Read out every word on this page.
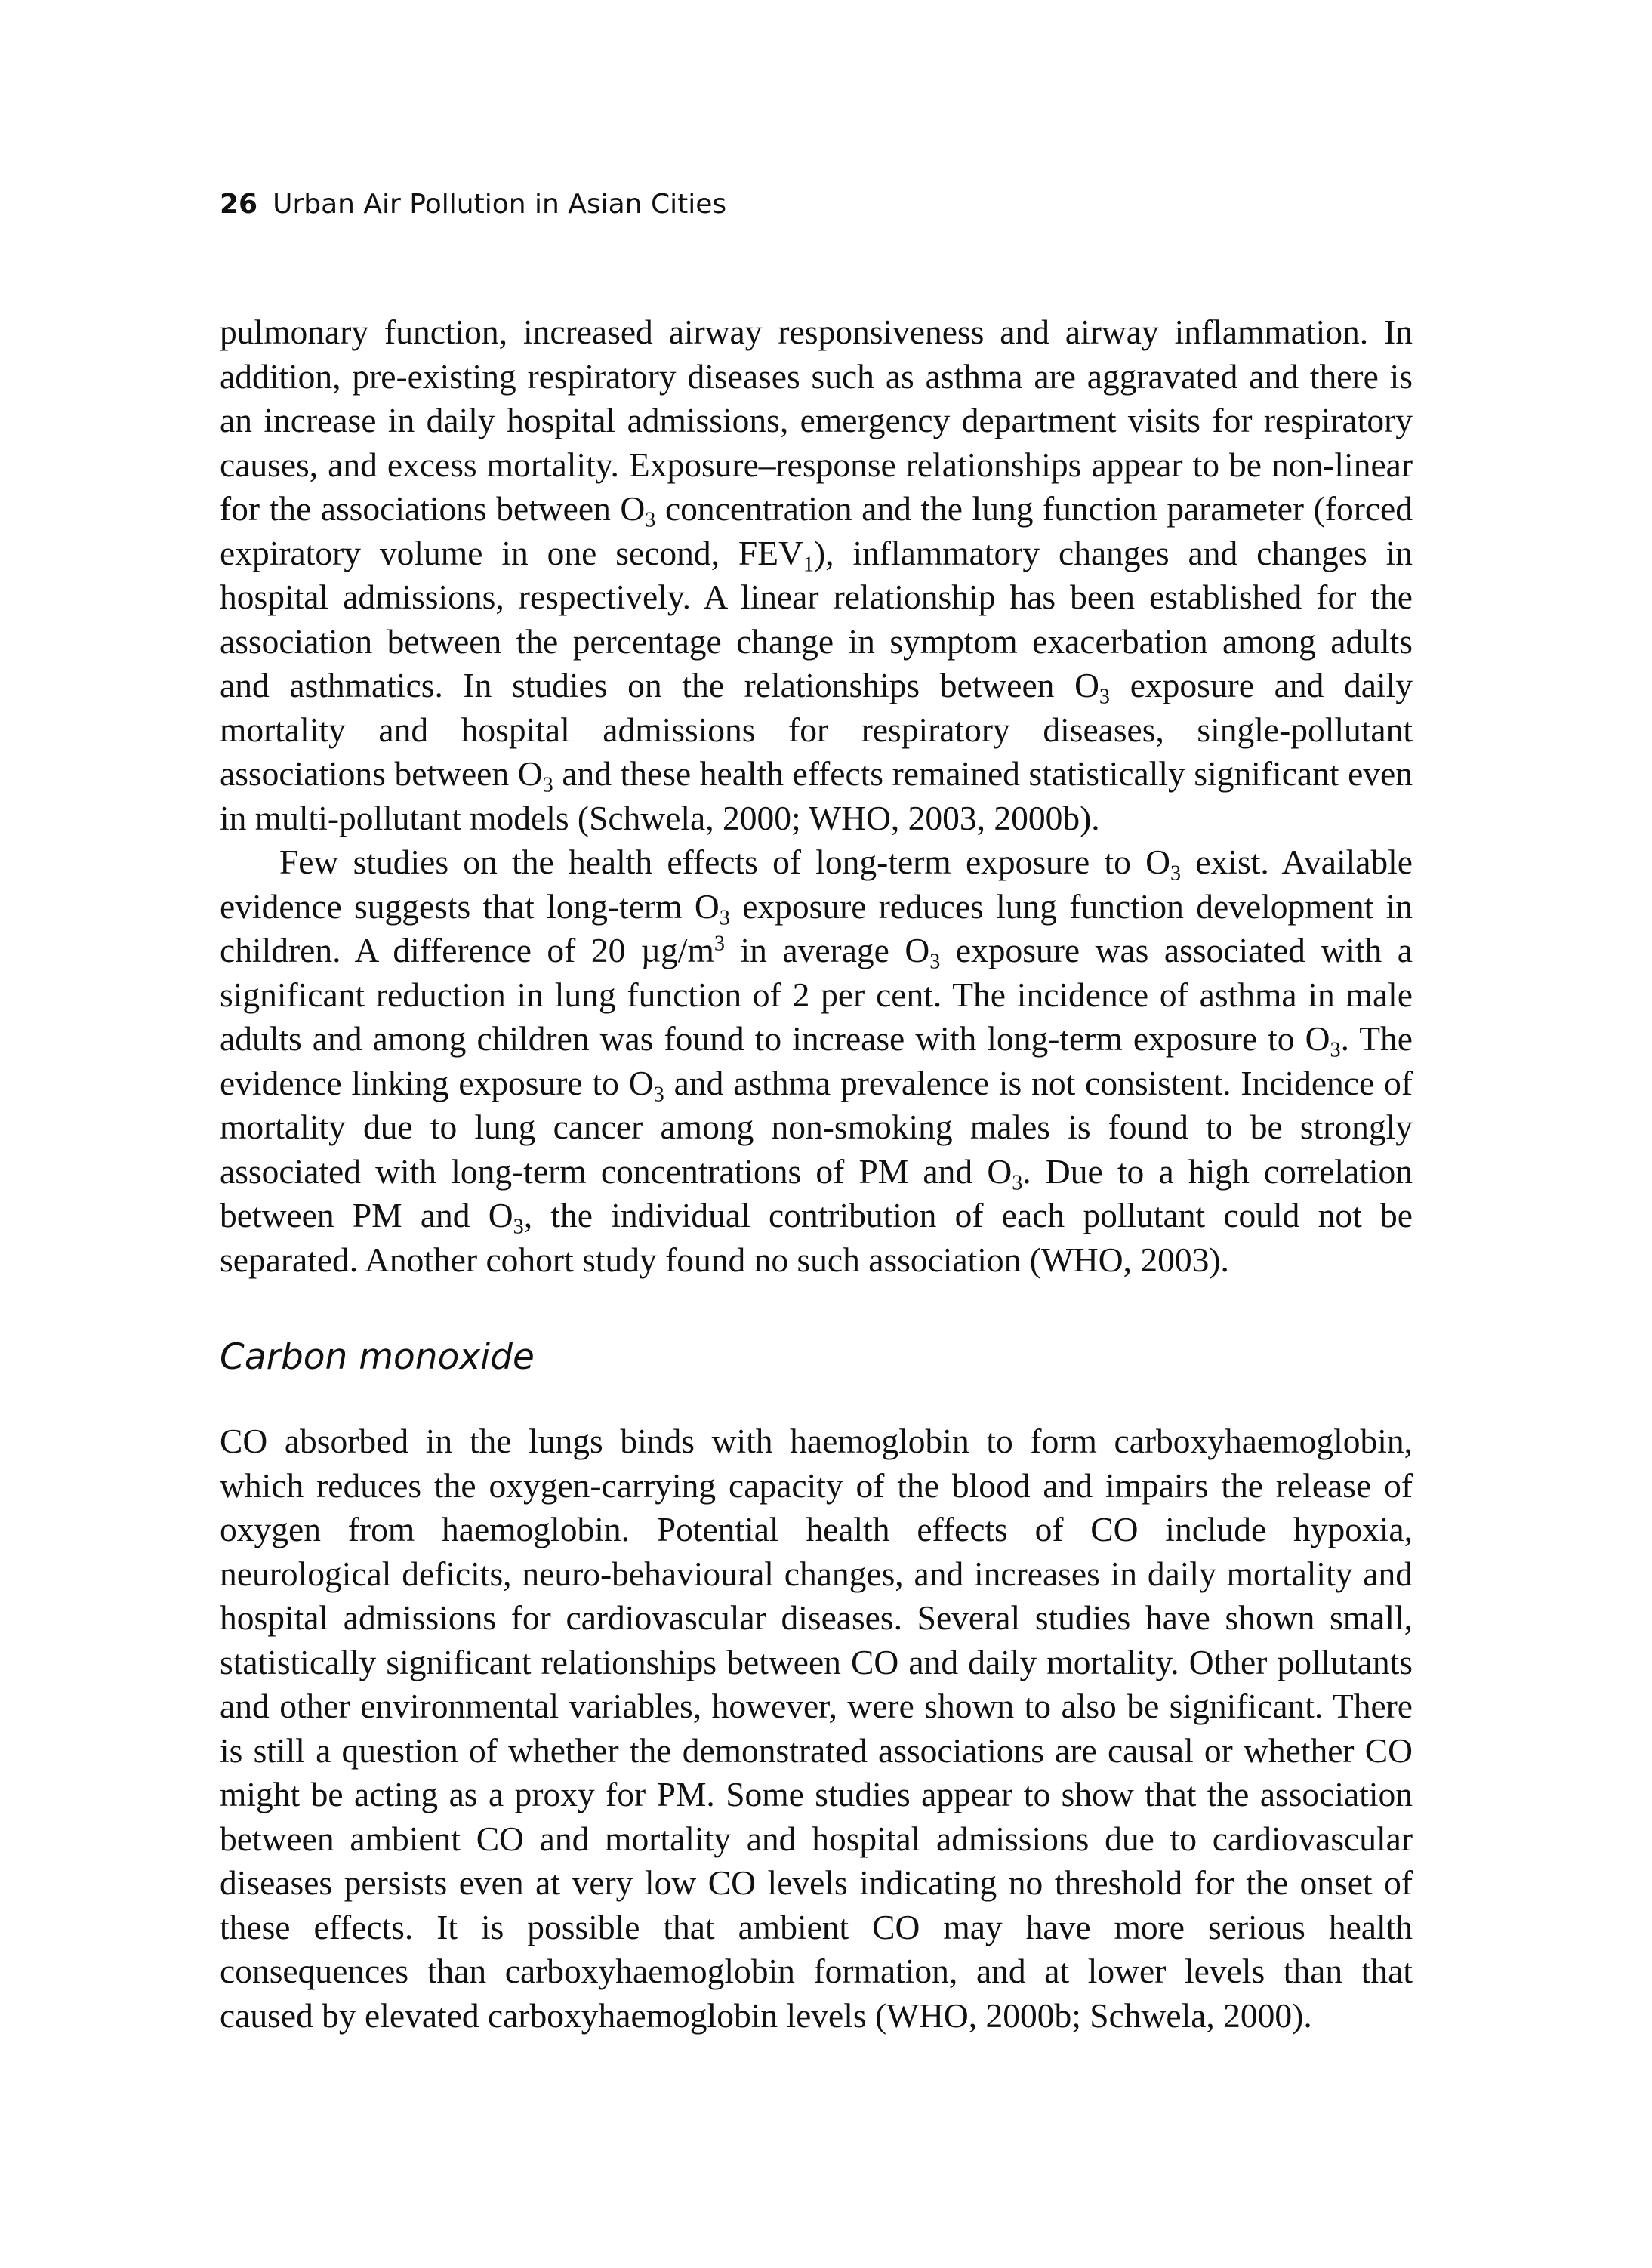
26 Urban Air Pollution in Asian Cities

pulmonary function, increased airway responsiveness and airway inflammation. In addition, pre-existing respiratory diseases such as asthma are aggravated and there is an increase in daily hospital admissions, emergency department visits for respiratory causes, and excess mortality. Exposure–response relationships appear to be non-linear for the associations between $O_3$ concentration and the lung function parameter (forced expiratory volume in one second, $FEV_1$), inflammatory changes and changes in hospital admissions, respectively. A linear relationship has been established for the association between the percentage change in symptom exacerbation among adults and asthmatics. In studies on the relationships between $O_3$ exposure and daily mortality and hospital admissions for respiratory diseases, single-pollutant associations between $O_3$ and these health effects remained statistically significant even in multi-pollutant models (Schwela, 2000; WHO, 2003, 2000b).

Few studies on the health effects of long-term exposure to $O_3$ exist. Available evidence suggests that long-term $O_3$ exposure reduces lung function development in children. A difference of 20 $\mu g/m^3$ in average $O_3$ exposure was associated with a significant reduction in lung function of 2 per cent. The incidence of asthma in male adults and among children was found to increase with long-term exposure to $O_3$. The evidence linking exposure to $O_3$ and asthma prevalence is not consistent. Incidence of mortality due to lung cancer among non-smoking males is found to be strongly associated with long-term concentrations of PM and $O_3$. Due to a high correlation between PM and $O_3$, the individual contribution of each pollutant could not be separated. Another cohort study found no such association (WHO, 2003).

Carbon monoxide

CO absorbed in the lungs binds with haemoglobin to form carboxyhaemoglobin, which reduces the oxygen-carrying capacity of the blood and impairs the release of oxygen from haemoglobin. Potential health effects of CO include hypoxia, neurological deficits, neuro-behavioural changes, and increases in daily mortality and hospital admissions for cardiovascular diseases. Several studies have shown small, statistically significant relationships between CO and daily mortality. Other pollutants and other environmental variables, however, were shown to also be significant. There is still a question of whether the demonstrated associations are causal or whether CO might be acting as a proxy for PM. Some studies appear to show that the association between ambient CO and mortality and hospital admissions due to cardiovascular diseases persists even at very low CO levels indicating no threshold for the onset of these effects. It is possible that ambient CO may have more serious health consequences than carboxyhaemoglobin formation, and at lower levels than that caused by elevated carboxyhaemoglobin levels (WHO, 2000b; Schwela, 2000).
